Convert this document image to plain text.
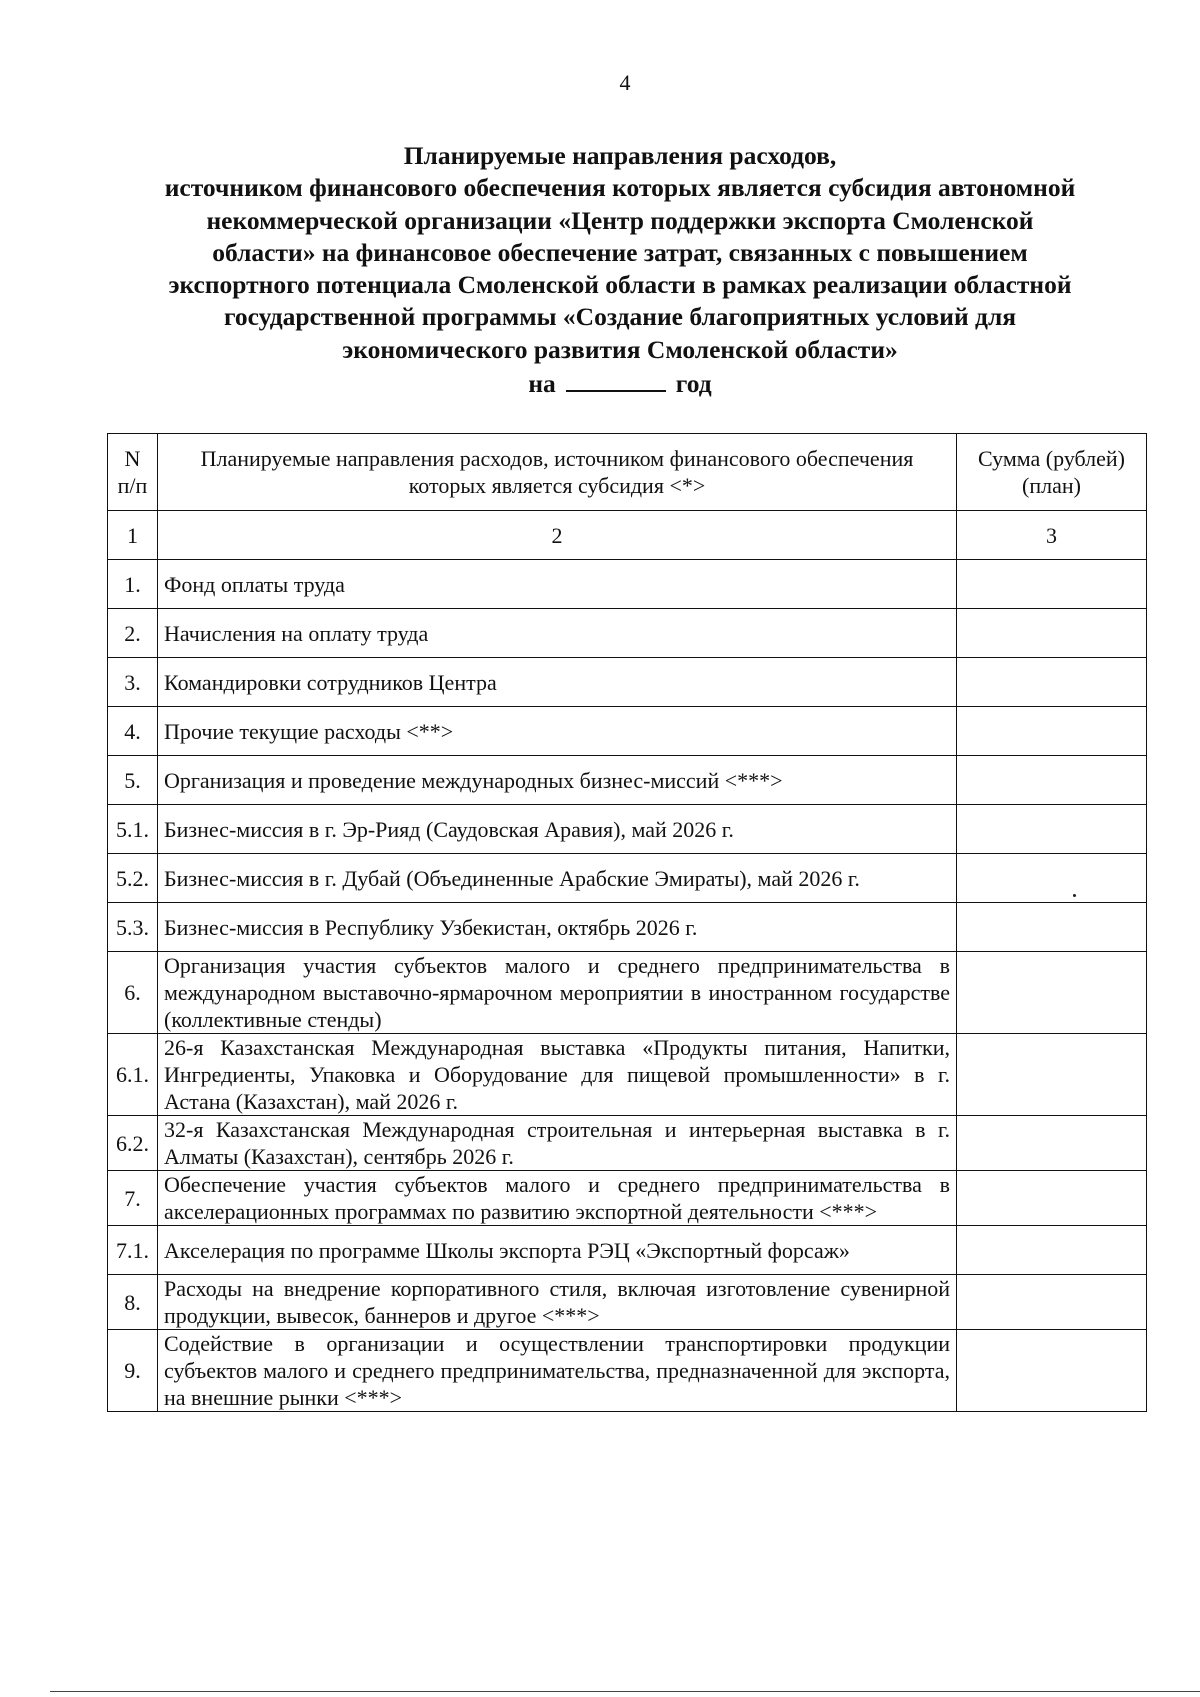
4
Планируемые направления расходов,
источником финансового обеспечения которых является субсидия автономной
некоммерческой организации «Центр поддержки экспорта Смоленской
области» на финансовое обеспечение затрат, связанных с повышением
экспортного потенциала Смоленской области в рамках реализации областной
государственной программы «Создание благоприятных условий для
экономического развития Смоленской области»
на	год
N п/п	Планируемые направления расходов, источником финансового обеспечения которых является субсидия <*>	Сумма (рублей) (план)
1	2	3
1.	Фонд оплаты труда	
2.	Начисления на оплату труда	
3.	Командировки сотрудников Центра	
4.	Прочие текущие расходы <**>	
5.	Организация и проведение международных бизнес-миссий <***>	
5.1.	Бизнес-миссия в г. Эр-Рияд (Саудовская Аравия), май 2026 г.	
5.2.	Бизнес-миссия в г. Дубай (Объединенные Арабские Эмираты), май 2026 г.	
5.3.	Бизнес-миссия в Республику Узбекистан, октябрь 2026 г.	
6.	Организация участия субъектов малого и среднего предпринимательства в международном выставочно-ярмарочном мероприятии в иностранном государстве (коллективные стенды)	
6.1.	26-я Казахстанская Международная выставка «Продукты питания, Напитки, Ингредиенты, Упаковка и Оборудование для пищевой промышленности» в г. Астана (Казахстан), май 2026 г.	
6.2.	32-я Казахстанская Международная строительная и интерьерная выставка в г. Алматы (Казахстан), сентябрь 2026 г.	
7.	Обеспечение участия субъектов малого и среднего предпринимательства в акселерационных программах по развитию экспортной деятельности <***>	
7.1.	Акселерация по программе Школы экспорта РЭЦ «Экспортный форсаж»	
8.	Расходы на внедрение корпоративного стиля, включая изготовление сувенирной продукции, вывесок, баннеров и другое <***>	
9.	Содействие в организации и осуществлении транспортировки продукции субъектов малого и среднего предпринимательства, предназначенной для экспорта, на внешние рынки <***>	
